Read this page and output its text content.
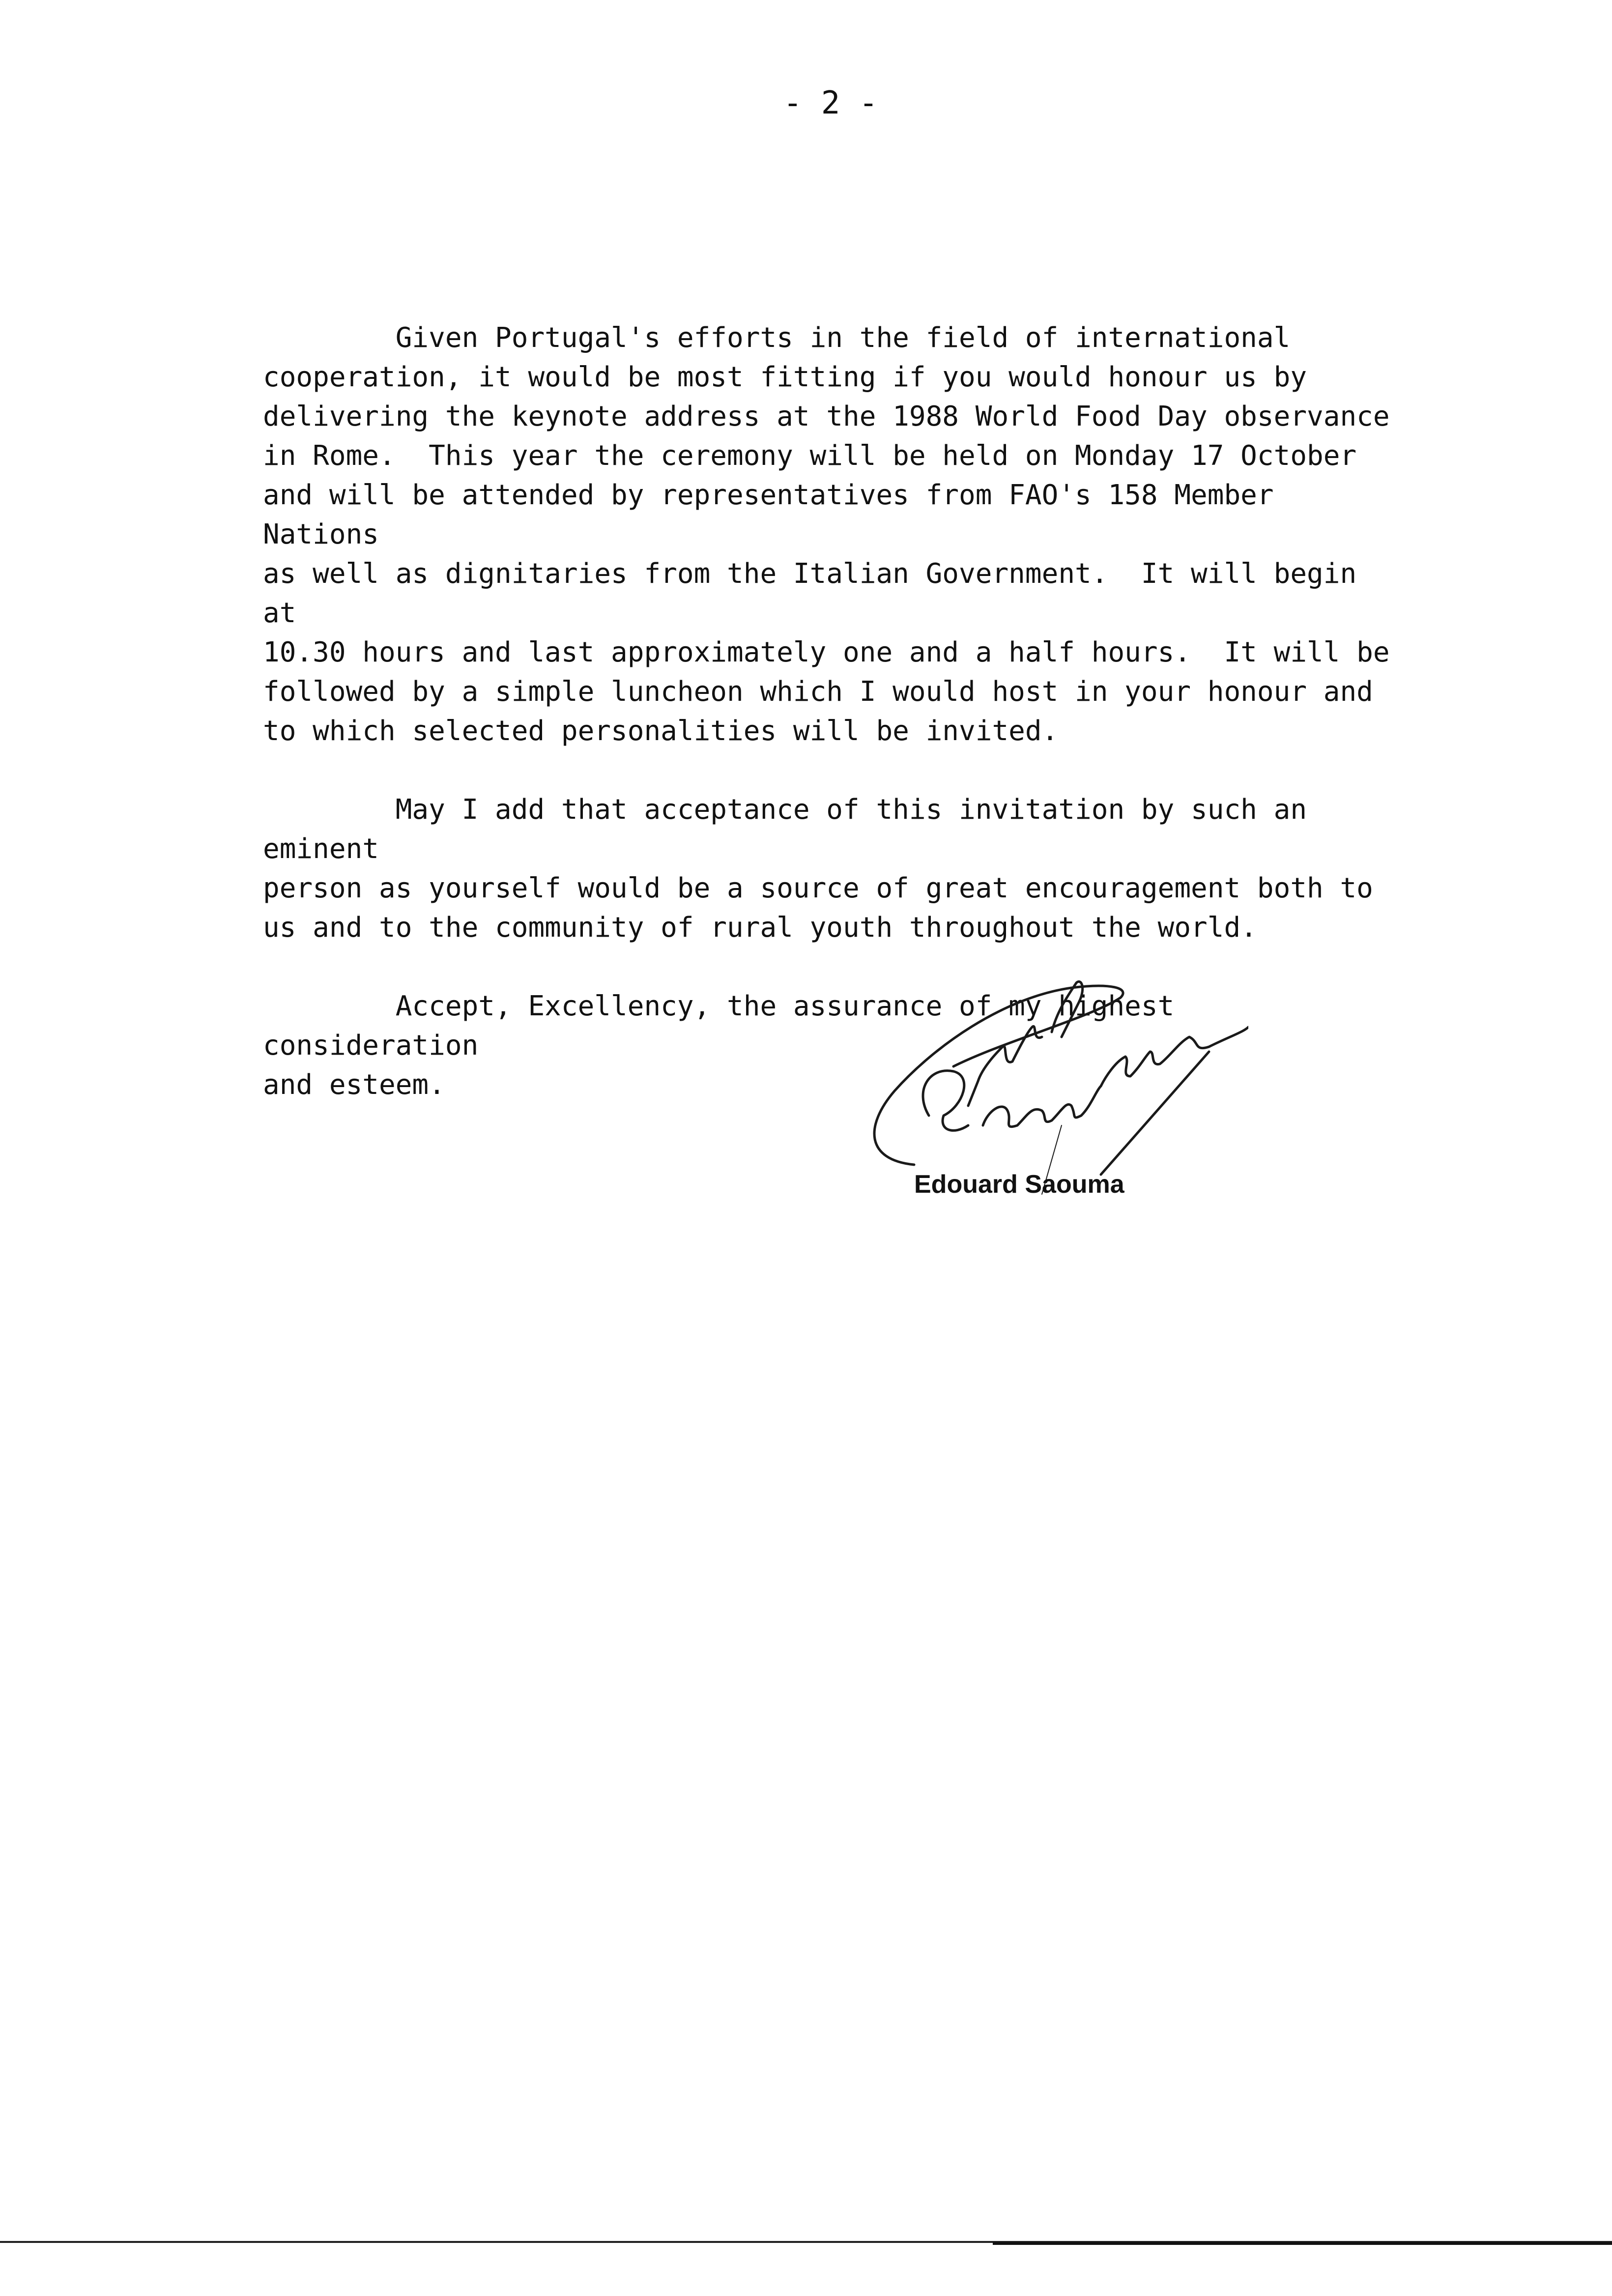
- 2 -

Given Portugal's efforts in the field of international
cooperation, it would be most fitting if you would honour us by
delivering the keynote address at the 1988 World Food Day observance
in Rome.  This year the ceremony will be held on Monday 17 October
and will be attended by representatives from FAO's 158 Member Nations
as well as dignitaries from the Italian Government.  It will begin at
10.30 hours and last approximately one and a half hours.  It will be
followed by a simple luncheon which I would host in your honour and
to which selected personalities will be invited.

May I add that acceptance of this invitation by such an eminent
person as yourself would be a source of great encouragement both to
us and to the community of rural youth throughout the world.

Accept, Excellency, the assurance of my highest consideration
and esteem.

Edouard Saouma
